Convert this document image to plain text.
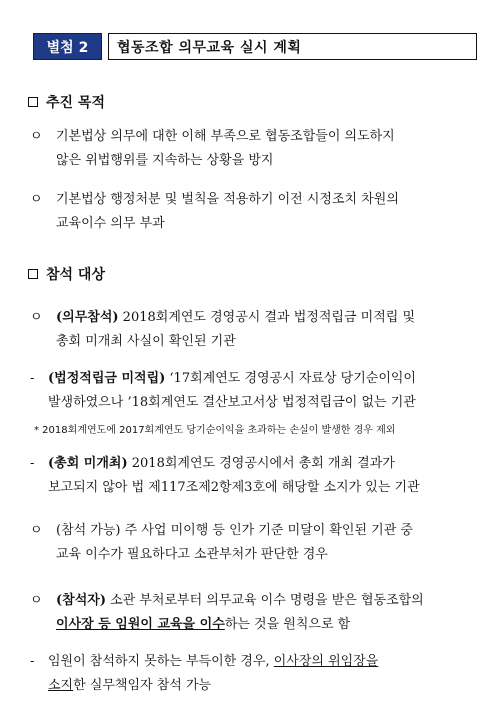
별첨 2	협동조합 의무교육 실시 계획
추진 목적
ㅇ 기본법상 의무에 대한 이해 부족으로 협동조합들이 의도하지
않은 위법행위를 지속하는 상황을 방지
ㅇ 기본법상 행정처분 및 벌칙을 적용하기 이전 시정조치 차원의
교육이수 의무 부과
참석 대상
ㅇ (의무참석) 2018회계연도 경영공시 결과 법정적립금 미적립 및
총회 미개최 사실이 확인된 기관
- (법정적립금 미적립) ‘17회계연도 경영공시 자료상 당기순이익이
발생하였으나 ’18회계연도 결산보고서상 법정적립금이 없는 기관
* 2018회계연도에 2017회계연도 당기순이익을 초과하는 손실이 발생한 경우 제외
- (총회 미개최) 2018회계연도 경영공시에서 총회 개최 결과가
보고되지 않아 법 제117조제2항제3호에 해당할 소지가 있는 기관
ㅇ (참석 가능) 주 사업 미이행 등 인가 기준 미달이 확인된 기관 중
교육 이수가 필요하다고 소관부처가 판단한 경우
ㅇ (참석자) 소관 부처로부터 의무교육 이수 명령을 받은 협동조합의
이사장 등 임원이 교육을 이수하는 것을 원칙으로 함
- 임원이 참석하지 못하는 부득이한 경우, 이사장의 위임장을
소지한 실무책임자 참석 가능
